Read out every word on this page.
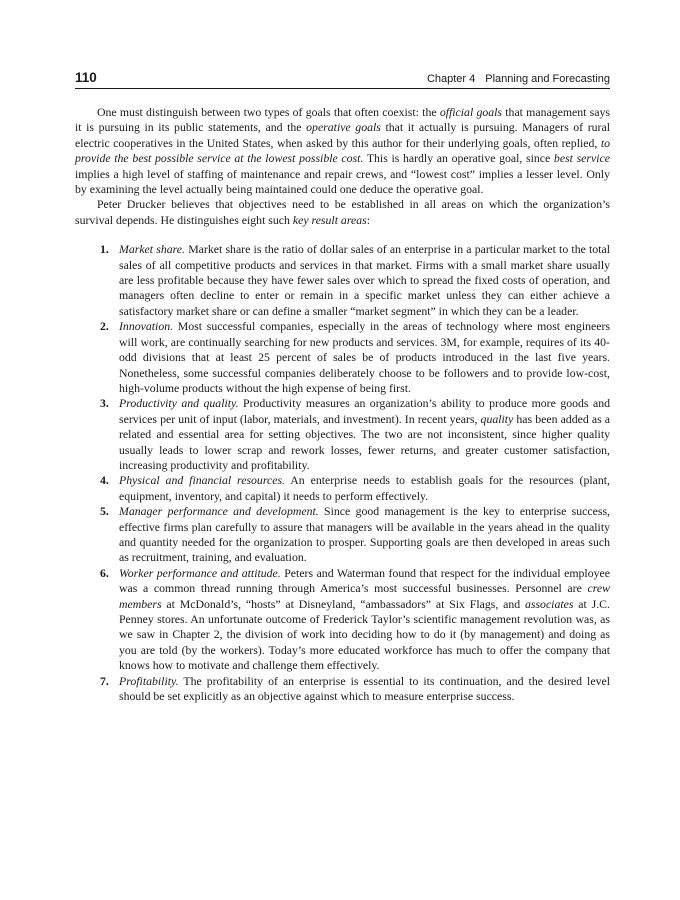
110	Chapter 4 Planning and Forecasting

One must distinguish between two types of goals that often coexist: the official goals that management says it is pursuing in its public statements, and the operative goals that it actually is pursuing. Managers of rural electric cooperatives in the United States, when asked by this author for their underlying goals, often replied, to provide the best possible service at the lowest possible cost. This is hardly an operative goal, since best service implies a high level of staffing of maintenance and repair crews, and “lowest cost” implies a lesser level. Only by examining the level actually being maintained could one deduce the operative goal.

Peter Drucker believes that objectives need to be established in all areas on which the organization’s survival depends. He distinguishes eight such key result areas:

1. Market share. Market share is the ratio of dollar sales of an enterprise in a particular market to the total sales of all competitive products and services in that market. Firms with a small market share usually are less profitable because they have fewer sales over which to spread the fixed costs of operation, and managers often decline to enter or remain in a specific market unless they can either achieve a satisfactory market share or can define a smaller “market segment” in which they can be a leader.
2. Innovation. Most successful companies, especially in the areas of technology where most engineers will work, are continually searching for new products and services. 3M, for example, requires of its 40-odd divisions that at least 25 percent of sales be of products introduced in the last five years. Nonetheless, some successful companies deliberately choose to be followers and to provide low-cost, high-volume products without the high expense of being first.
3. Productivity and quality. Productivity measures an organization’s ability to produce more goods and services per unit of input (labor, materials, and investment). In recent years, quality has been added as a related and essential area for setting objectives. The two are not inconsistent, since higher quality usually leads to lower scrap and rework losses, fewer returns, and greater customer satisfaction, increasing productivity and profitability.
4. Physical and financial resources. An enterprise needs to establish goals for the resources (plant, equipment, inventory, and capital) it needs to perform effectively.
5. Manager performance and development. Since good management is the key to enterprise success, effective firms plan carefully to assure that managers will be available in the years ahead in the quality and quantity needed for the organization to prosper. Supporting goals are then developed in areas such as recruitment, training, and evaluation.
6. Worker performance and attitude. Peters and Waterman found that respect for the individual employee was a common thread running through America’s most successful businesses. Personnel are crew members at McDonald’s, “hosts” at Disneyland, “ambassadors” at Six Flags, and associates at J.C. Penney stores. An unfortunate outcome of Frederick Taylor’s scientific management revolution was, as we saw in Chapter 2, the division of work into deciding how to do it (by management) and doing as you are told (by the workers). Today’s more educated workforce has much to offer the company that knows how to motivate and challenge them effectively.
7. Profitability. The profitability of an enterprise is essential to its continuation, and the desired level should be set explicitly as an objective against which to measure enterprise success.
